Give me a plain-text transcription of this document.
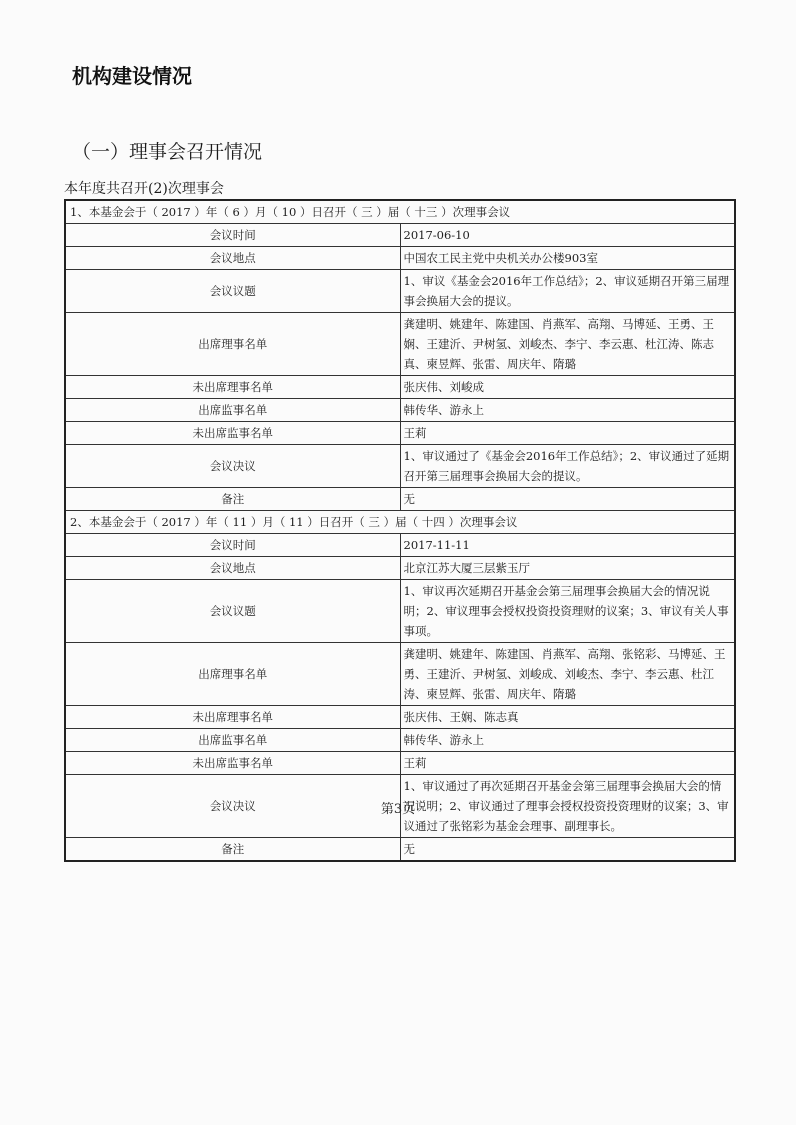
机构建设情况
（一）理事会召开情况
本年度共召开(2)次理事会
1、本基金会于（ 2017 ）年（ 6 ）月（ 10 ）日召开（ 三 ）届（ 十三 ）次理事会议	
会议时间	2017-06-10
会议地点	中国农工民主党中央机关办公楼903室
会议议题	1、审议《基金会2016年工作总结》；2、审议延期召开第三届理事会换届大会的提议。
出席理事名单	龚建明、姚建年、陈建国、肖燕军、高翔、马博延、王勇、王娴、王建沂、尹树氢、刘峻杰、李宁、李云惠、杜江涛、陈志真、柬昱辉、张雷、周庆年、隋璐
未出席理事名单	张庆伟、刘峻成
出席监事名单	韩传华、游永上
未出席监事名单	王莉
会议决议	1、审议通过了《基金会2016年工作总结》；2、审议通过了延期召开第三届理事会换届大会的提议。
备注	无
2、本基金会于（ 2017 ）年（ 11 ）月（ 11 ）日召开（ 三 ）届（ 十四 ）次理事会议	
会议时间	2017-11-11
会议地点	北京江苏大厦三层紫玉厅
会议议题	1、审议再次延期召开基金会第三届理事会换届大会的情况说明；2、审议理事会授权投资投资理财的议案；3、审议有关人事事项。
出席理事名单	龚建明、姚建年、陈建国、肖燕军、高翔、张铭彩、马博延、王勇、王建沂、尹树氢、刘峻成、刘峻杰、李宁、李云惠、杜江涛、柬昱辉、张雷、周庆年、隋璐
未出席理事名单	张庆伟、王娴、陈志真
出席监事名单	韩传华、游永上
未出席监事名单	王莉
会议决议	1、审议通过了再次延期召开基金会第三届理事会换届大会的情况说明；2、审议通过了理事会授权投资投资理财的议案；3、审议通过了张铭彩为基金会理事、副理事长。
备注	无
第3页
